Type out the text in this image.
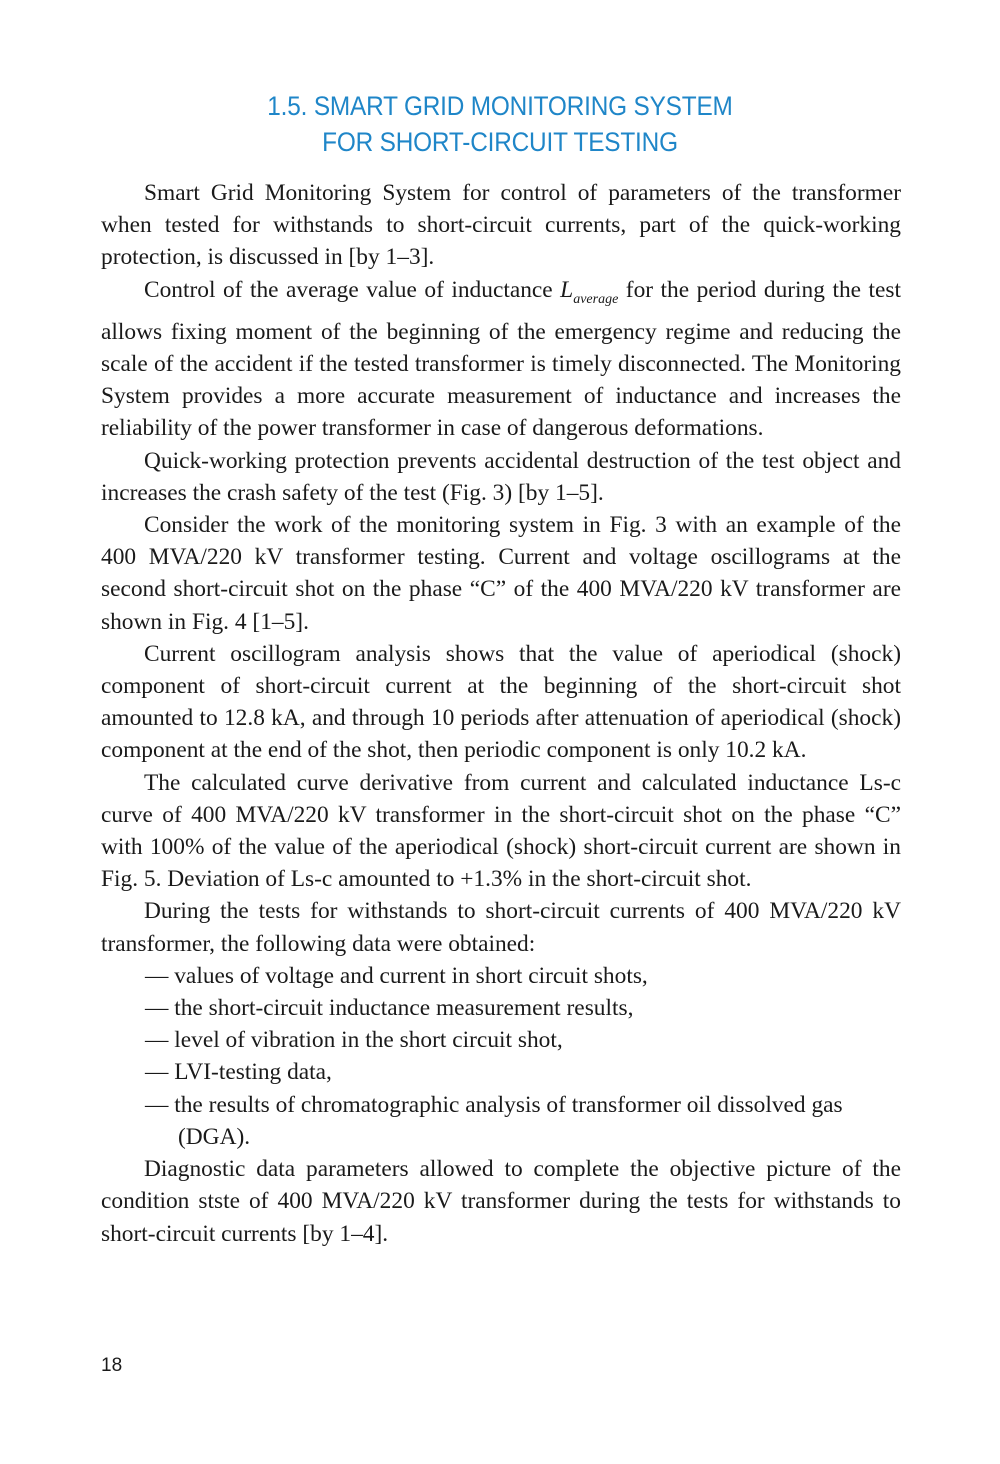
1.5. SMART GRID MONITORING SYSTEM
FOR SHORT-CIRCUIT TESTING

Smart Grid Monitoring System for control of parameters of the transformer when tested for withstands to short-circuit currents, part of the quick-working protection, is discussed in [by 1–3].

Control of the average value of inductance $L_{average}$ for the period during the test allows fixing moment of the beginning of the emergency regime and reducing the scale of the accident if the tested transformer is timely disconnected. The Monitoring System provides a more accurate measurement of inductance and increases the reliability of the power transformer in case of dangerous deformations.

Quick-working protection prevents accidental destruction of the test object and increases the crash safety of the test (Fig. 3) [by 1–5].

Consider the work of the monitoring system in Fig. 3 with an example of the 400 MVA/220 kV transformer testing. Current and voltage oscillograms at the second short-circuit shot on the phase “C” of the 400 MVA/220 kV transformer are shown in Fig. 4 [1–5].

Current oscillogram analysis shows that the value of aperiodical (shock) component of short-circuit current at the beginning of the short-circuit shot amounted to 12.8 kA, and through 10 periods after attenuation of aperiodical (shock) component at the end of the shot, then periodic component is only 10.2 kA.

The calculated curve derivative from current and calculated inductance Ls-c curve of 400 MVA/220 kV transformer in the short-circuit shot on the phase “C” with 100% of the value of the aperiodical (shock) short-circuit current are shown in Fig. 5. Deviation of Ls-c amounted to +1.3% in the short-circuit shot.

During the tests for withstands to short-circuit currents of 400 MVA/220 kV transformer, the following data were obtained:

— values of voltage and current in short circuit shots,

— the short-circuit inductance measurement results,

— level of vibration in the short circuit shot,

— LVI-testing data,

— the results of chromatographic analysis of transformer oil dissolved gas (DGA).

Diagnostic data parameters allowed to complete the objective picture of the condition stste of 400 MVA/220 kV transformer during the tests for withstands to short-circuit currents [by 1–4].

18
